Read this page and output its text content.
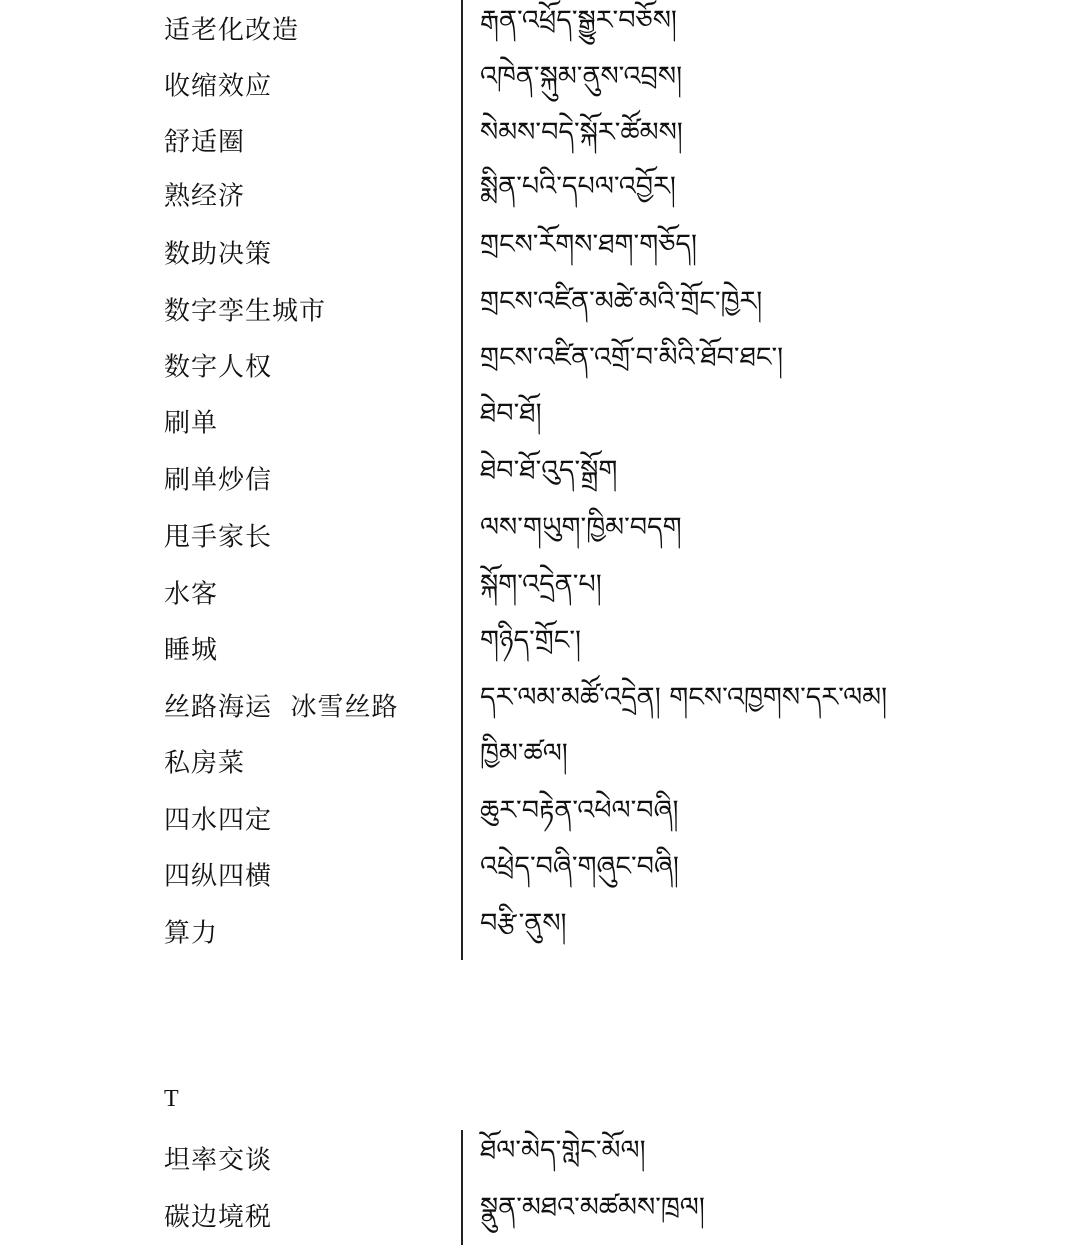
适老化改造	རྒན་འཕྲོད་སྒྱུར་བཅོས།
收缩效应	འཁེན་སྐུམ་ནུས་འབྲས།
舒适圈	སེམས་བདེ་སྐོར་ཚོམས།
熟经济	སྨིན་པའི་དཔལ་འབྱོར།
数助决策	གྲངས་རོགས་ཐག་གཅོད།
数字孪生城市	གྲངས་འཛིན་མཚེ་མའི་གྲོང་ཁྱེར།
数字人权	གྲངས་འཛིན་འགྲོ་བ་མིའི་ཐོབ་ཐང་།
刷单	ཐེབ་ཐོ།
刷单炒信	ཐེབ་ཐོ་འུད་སྒྲོག
甩手家长	ལས་གཡུག་ཁྱིམ་བདག
水客	སྐོག་འདྲེན་པ།
睡城	གཉིད་གྲོང་།
丝路海运  冰雪丝路	དར་ལམ་མཚོ་འདྲེན། གངས་འཁྱགས་དར་ལམ།
私房菜	ཁྱིམ་ཚལ།
四水四定	ཆུར་བརྟེན་འཕེལ་བཞི།
四纵四横	འཕྲེད་བཞི་གཞུང་བཞི།
算力	བརྩི་ནུས།
T
坦率交谈	ཐོལ་མེད་གླེང་མོལ།
碳边境税	སྣུན་མཐའ་མཚམས་ཁྲལ།
